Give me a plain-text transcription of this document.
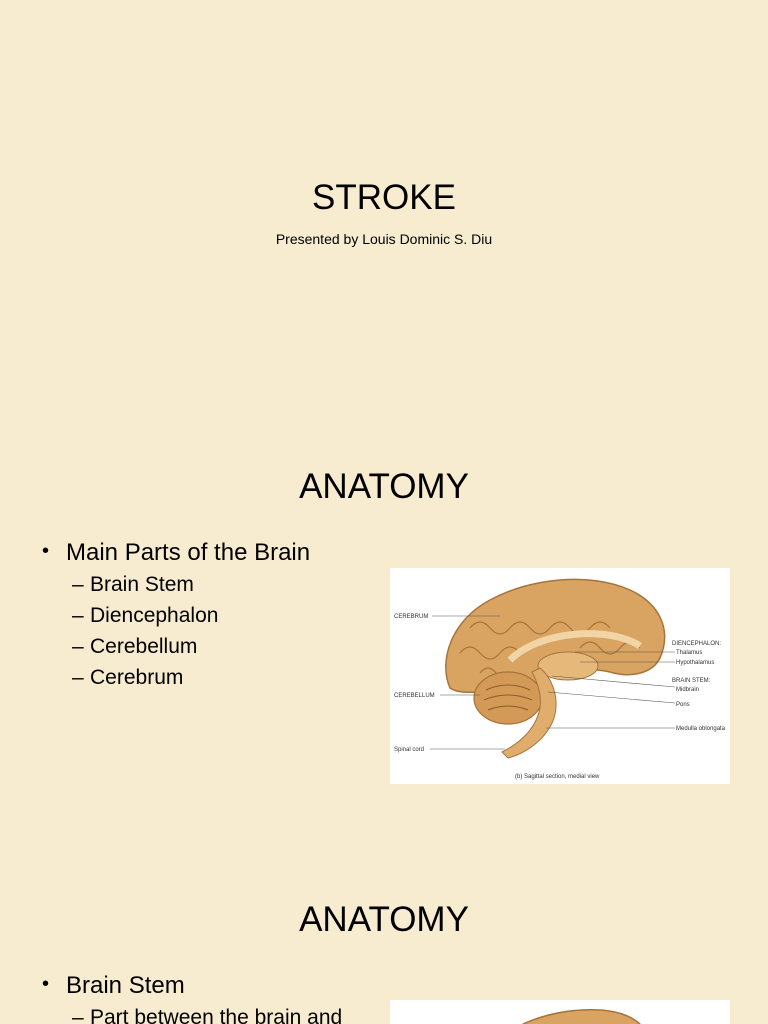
STROKE
Presented by Louis Dominic S. Diu
ANATOMY
• Main Parts of the Brain
– Brain Stem
– Diencephalon
– Cerebellum
– Cerebrum
CEREBRUM
CEREBELLUM
Spinal cord
DIENCEPHALON:
Thalamus
Hypothalamus
BRAIN STEM:
Midbrain
Pons
Medulla oblongata
(b) Sagittal section, medial view
ANATOMY
• Brain Stem
– Part between the brain and
